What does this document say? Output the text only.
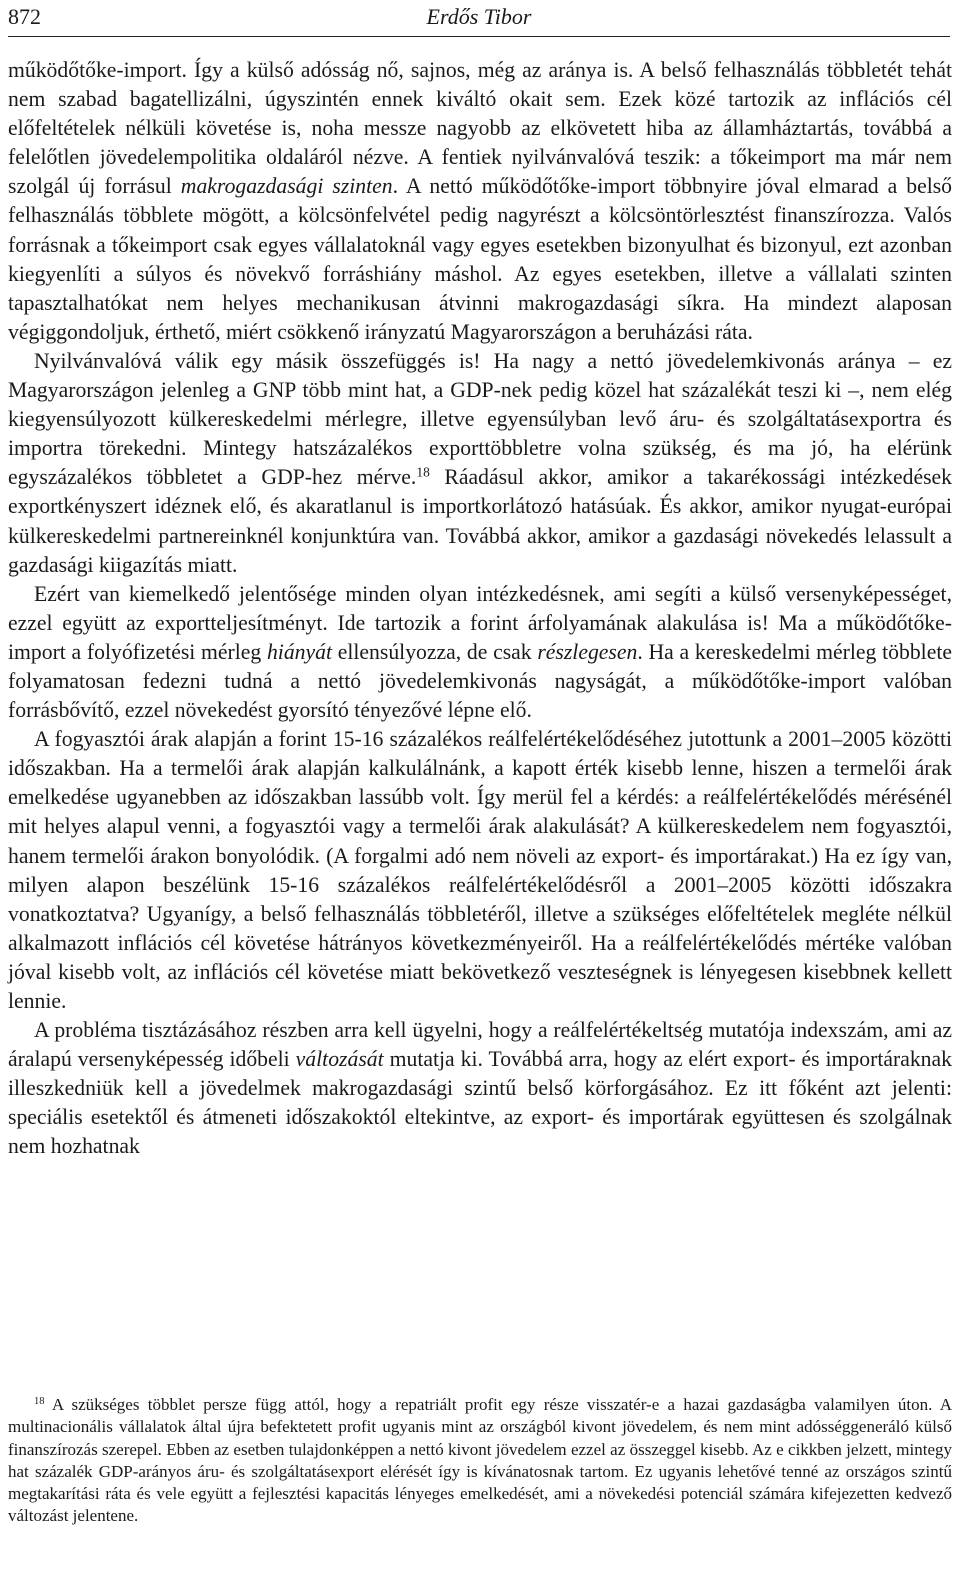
872	Erdős Tibor

működőtőke-import. Így a külső adósság nő, sajnos, még az aránya is. A belső felhasználás többletét tehát nem szabad bagatellizálni, úgyszintén ennek kiváltó okait sem. Ezek közé tartozik az inflációs cél előfeltételek nélküli követése is, noha messze nagyobb az elkövetett hiba az államháztartás, továbbá a felelőtlen jövedelempolitika oldaláról nézve. A fentiek nyilvánvalóvá teszik: a tőkeimport ma már nem szolgál új forrásul makrogazdasági szinten. A nettó működőtőke-import többnyire jóval elmarad a belső felhasználás többlete mögött, a kölcsönfelvétel pedig nagyrészt a kölcsöntörlesztést finanszírozza. Valós forrásnak a tőkeimport csak egyes vállalatoknál vagy egyes esetekben bizonyulhat és bizonyul, ezt azonban kiegyenlíti a súlyos és növekvő forráshiány máshol. Az egyes esetekben, illetve a vállalati szinten tapasztalhatókat nem helyes mechanikusan átvinni makrogazdasági síkra. Ha mindezt alaposan végiggondoljuk, érthető, miért csökkenő irányzatú Magyarországon a beruházási ráta.

Nyilvánvalóvá válik egy másik összefüggés is! Ha nagy a nettó jövedelemkivonás aránya – ez Magyarországon jelenleg a GNP több mint hat, a GDP-nek pedig közel hat százalékát teszi ki –, nem elég kiegyensúlyozott külkereskedelmi mérlegre, illetve egyensúlyban levő áru- és szolgáltatásexportra és importra törekedni. Mintegy hatszázalékos exporttöbbletre volna szükség, és ma jó, ha elérünk egyszázalékos többletet a GDP-hez mérve.$^{18}$ Ráadásul akkor, amikor a takarékossági intézkedések exportkényszert idéznek elő, és akaratlanul is importkorlátozó hatásúak. És akkor, amikor nyugat-európai külkereskedelmi partnereinknél konjunktúra van. Továbbá akkor, amikor a gazdasági növekedés lelassult a gazdasági kiigazítás miatt.

Ezért van kiemelkedő jelentősége minden olyan intézkedésnek, ami segíti a külső versenyképességet, ezzel együtt az exportteljesítményt. Ide tartozik a forint árfolyamának alakulása is! Ma a működőtőke-import a folyófizetési mérleg hiányát ellensúlyozza, de csak részlegesen. Ha a kereskedelmi mérleg többlete folyamatosan fedezni tudná a nettó jövedelemkivonás nagyságát, a működőtőke-import valóban forrásbővítő, ezzel növekedést gyorsító tényezővé lépne elő.

A fogyasztói árak alapján a forint 15-16 százalékos reálfelértékelődéséhez jutottunk a 2001–2005 közötti időszakban. Ha a termelői árak alapján kalkulálnánk, a kapott érték kisebb lenne, hiszen a termelői árak emelkedése ugyanebben az időszakban lassúbb volt. Így merül fel a kérdés: a reálfelértékelődés mérésénél mit helyes alapul venni, a fogyasztói vagy a termelői árak alakulását? A külkereskedelem nem fogyasztói, hanem termelői árakon bonyolódik. (A forgalmi adó nem növeli az export- és importárakat.) Ha ez így van, milyen alapon beszélünk 15-16 százalékos reálfelértékelődésről a 2001–2005 közötti időszakra vonatkoztatva? Ugyanígy, a belső felhasználás többletéről, illetve a szükséges előfeltételek megléte nélkül alkalmazott inflációs cél követése hátrányos következményeiről. Ha a reálfelértékelődés mértéke valóban jóval kisebb volt, az inflációs cél követése miatt bekövetkező veszteségnek is lényegesen kisebbnek kellett lennie.

A probléma tisztázásához részben arra kell ügyelni, hogy a reálfelértékeltség mutatója indexszám, ami az áralapú versenyképesség időbeli változását mutatja ki. Továbbá arra, hogy az elért export- és importáraknak illeszkedniük kell a jövedelmek makrogazdasági szintű belső körforgásához. Ez itt főként azt jelenti: speciális esetektől és átmeneti időszakoktól eltekintve, az export- és importárak együttesen és szolgálnak nem hozhatnak

$^{18}$ A szükséges többlet persze függ attól, hogy a repatriált profit egy része visszatér-e a hazai gazdaságba valamilyen úton. A multinacionális vállalatok által újra befektetett profit ugyanis mint az országból kivont jövedelem, és nem mint adósséggeneráló külső finanszírozás szerepel. Ebben az esetben tulajdonképpen a nettó kivont jövedelem ezzel az összeggel kisebb. Az e cikkben jelzett, mintegy hat százalék GDP-arányos áru- és szolgáltatásexport elérését így is kívánatosnak tartom. Ez ugyanis lehetővé tenné az országos szintű megtakarítási ráta és vele együtt a fejlesztési kapacitás lényeges emelkedését, ami a növekedési potenciál számára kifejezetten kedvező változást jelentene.
